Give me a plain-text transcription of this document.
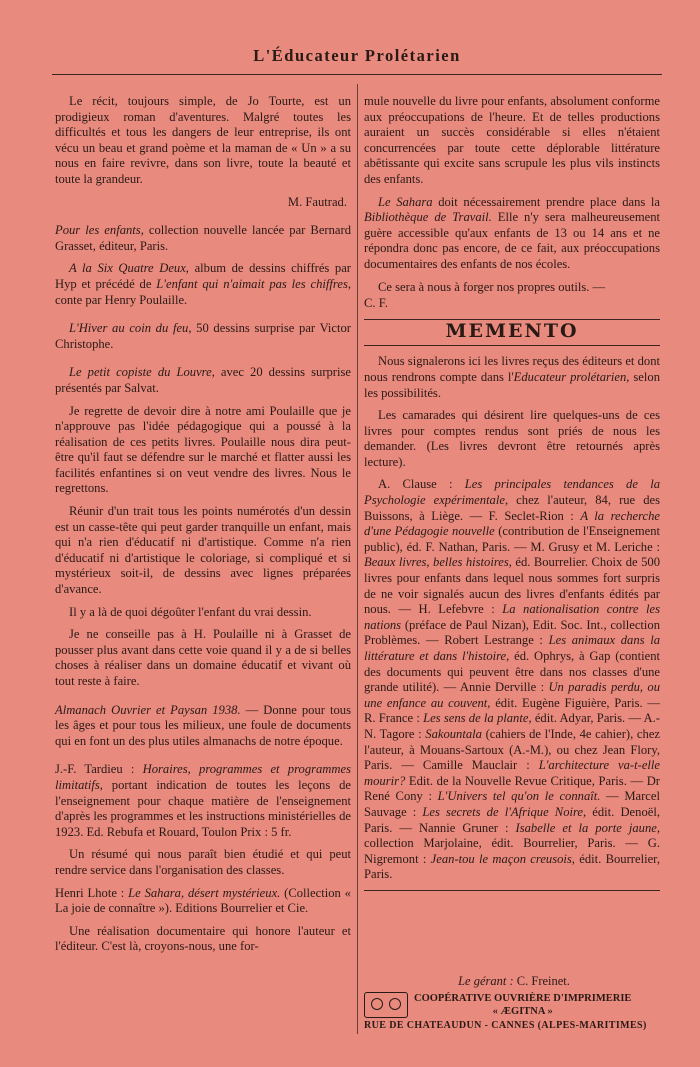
L'Éducateur Prolétarien

Le récit, toujours simple, de Jo Tourte, est un prodigieux roman d'aventures. Malgré toutes les difficultés et tous les dangers de leur entreprise, ils ont vécu un beau et grand poème et la maman de « Un » a su nous en faire revivre, dans son livre, toute la beauté et toute la grandeur.

M. Fautrad.

Pour les enfants, collection nouvelle lancée par Bernard Grasset, éditeur, Paris.

A la Six Quatre Deux, album de dessins chiffrés par Hyp et précédé de L'enfant qui n'aimait pas les chiffres, conte par Henry Poulaille.

L'Hiver au coin du feu, 50 dessins surprise par Victor Christophe.

Le petit copiste du Louvre, avec 20 dessins surprise présentés par Salvat.

Je regrette de devoir dire à notre ami Poulaille que je n'approuve pas l'idée pédagogique qui a poussé à la réalisation de ces petits livres. Poulaille nous dira peut-être qu'il faut se défendre sur le marché et flatter aussi les facilités enfantines si on veut vendre des livres. Nous le regrettons.

Réunir d'un trait tous les points numérotés d'un dessin est un casse-tête qui peut garder tranquille un enfant, mais qui n'a rien d'éducatif ni d'artistique. Comme n'a rien d'éducatif ni d'artistique le coloriage, si compliqué et si mystérieux soit-il, de dessins avec lignes préparées d'avance.

Il y a là de quoi dégoûter l'enfant du vrai dessin.

Je ne conseille pas à H. Poulaille ni à Grasset de pousser plus avant dans cette voie quand il y a de si belles choses à réaliser dans un domaine éducatif et vivant où tout reste à faire.

Almanach Ouvrier et Paysan 1938. — Donne pour tous les âges et pour tous les milieux, une foule de documents qui en font un des plus utiles almanachs de notre époque.

J.-F. Tardieu : Horaires, programmes et programmes limitatifs, portant indication de toutes les leçons de l'enseignement pour chaque matière de l'enseignement d'après les programmes et les instructions ministérielles de 1923. Ed. Rebufa et Rouard, Toulon Prix : 5 fr.

Un résumé qui nous paraît bien étudié et qui peut rendre service dans l'organisation des classes.

Henri Lhote : Le Sahara, désert mystérieux. (Collection « La joie de connaître »). Editions Bourrelier et Cie.

Une réalisation documentaire qui honore l'auteur et l'éditeur. C'est là, croyons-nous, une for-

mule nouvelle du livre pour enfants, absolument conforme aux préoccupations de l'heure. Et de telles productions auraient un succès considérable si elles n'étaient concurrencées par toute cette déplorable littérature abêtissante qui excite sans scrupule les plus vils instincts des enfants.

Le Sahara doit nécessairement prendre place dans la Bibliothèque de Travail. Elle n'y sera malheureusement guère accessible qu'aux enfants de 13 ou 14 ans et ne répondra donc pas encore, de ce fait, aux préoccupations documentaires des enfants de nos écoles.

Ce sera à nous à forger nos propres outils. —

C. F.

MEMENTO

Nous signalerons ici les livres reçus des éditeurs et dont nous rendrons compte dans l'Educateur prolétarien, selon les possibilités.

Les camarades qui désirent lire quelques-uns de ces livres pour comptes rendus sont priés de nous les demander. (Les livres devront être retournés après lecture).

A. Clause : Les principales tendances de la Psychologie expérimentale, chez l'auteur, 84, rue des Buissons, à Liège. — F. Seclet-Rion : A la recherche d'une Pédagogie nouvelle (contribution de l'Enseignement public), éd. F. Nathan, Paris. — M. Grusy et M. Leriche : Beaux livres, belles histoires, éd. Bourrelier. Choix de 500 livres pour enfants dans lequel nous sommes fort surpris de ne voir signalés aucun des livres d'enfants édités par nous. — H. Lefebvre : La nationalisation contre les nations (préface de Paul Nizan), Edit. Soc. Int., collection Problèmes. — Robert Lestrange : Les animaux dans la littérature et dans l'histoire, éd. Ophrys, à Gap (contient des documents qui peuvent être dans nos classes d'une grande utilité). — Annie Derville : Un paradis perdu, ou une enfance au couvent, édit. Eugène Figuière, Paris. — R. France : Les sens de la plante, édit. Adyar, Paris. — A.-N. Tagore : Sakountala (cahiers de l'Inde, 4e cahier), chez l'auteur, à Mouans-Sartoux (A.-M.), ou chez Jean Flory, Paris. — Camille Mauclair : L'architecture va-t-elle mourir? Edit. de la Nouvelle Revue Critique, Paris. — Dr René Cony : L'Univers tel qu'on le connaît. — Marcel Sauvage : Les secrets de l'Afrique Noire, édit. Denoël, Paris. — Nannie Gruner : Isabelle et la porte jaune, collection Marjolaine, édit. Bourrelier, Paris. — G. Nigremont : Jean-tou le maçon creusois, édit. Bourrelier, Paris.

Le gérant : C. Freinet.
COOPÉRATIVE OUVRIÈRE D'IMPRIMERIE
« ÆGITNA »
RUE DE CHATEAUDUN - CANNES (ALPES-MARITIMES)
